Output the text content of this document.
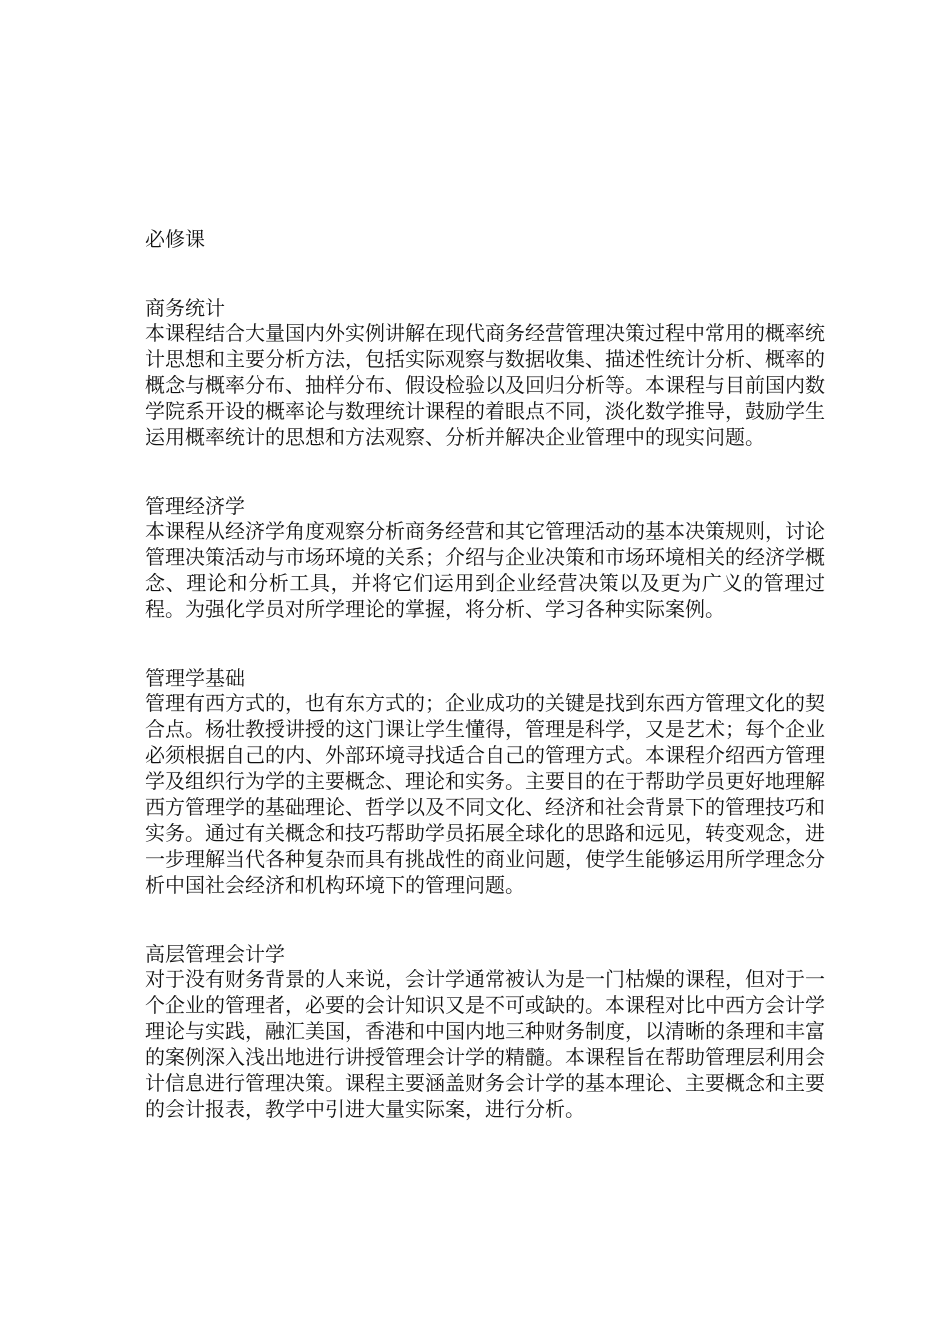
必修课

商务统计

本课程结合大量国内外实例讲解在现代商务经营管理决策过程中常用的概率统计思想和主要分析方法，包括实际观察与数据收集、描述性统计分析、概率的概念与概率分布、抽样分布、假设检验以及回归分析等。本课程与目前国内数学院系开设的概率论与数理统计课程的着眼点不同，淡化数学推导，鼓励学生运用概率统计的思想和方法观察、分析并解决企业管理中的现实问题。

管理经济学

本课程从经济学角度观察分析商务经营和其它管理活动的基本决策规则，讨论管理决策活动与市场环境的关系；介绍与企业决策和市场环境相关的经济学概念、理论和分析工具，并将它们运用到企业经营决策以及更为广义的管理过程。为强化学员对所学理论的掌握，将分析、学习各种实际案例。

管理学基础

管理有西方式的，也有东方式的；企业成功的关键是找到东西方管理文化的契合点。杨壮教授讲授的这门课让学生懂得，管理是科学，又是艺术；每个企业必须根据自己的内、外部环境寻找适合自己的管理方式。本课程介绍西方管理学及组织行为学的主要概念、理论和实务。主要目的在于帮助学员更好地理解西方管理学的基础理论、哲学以及不同文化、经济和社会背景下的管理技巧和实务。通过有关概念和技巧帮助学员拓展全球化的思路和远见，转变观念，进一步理解当代各种复杂而具有挑战性的商业问题，使学生能够运用所学理念分析中国社会经济和机构环境下的管理问题。

高层管理会计学

对于没有财务背景的人来说，会计学通常被认为是一门枯燥的课程，但对于一个企业的管理者，必要的会计知识又是不可或缺的。本课程对比中西方会计学理论与实践，融汇美国，香港和中国内地三种财务制度，以清晰的条理和丰富的案例深入浅出地进行讲授管理会计学的精髓。本课程旨在帮助管理层利用会计信息进行管理决策。课程主要涵盖财务会计学的基本理论、主要概念和主要的会计报表，教学中引进大量实际案，进行分析。
